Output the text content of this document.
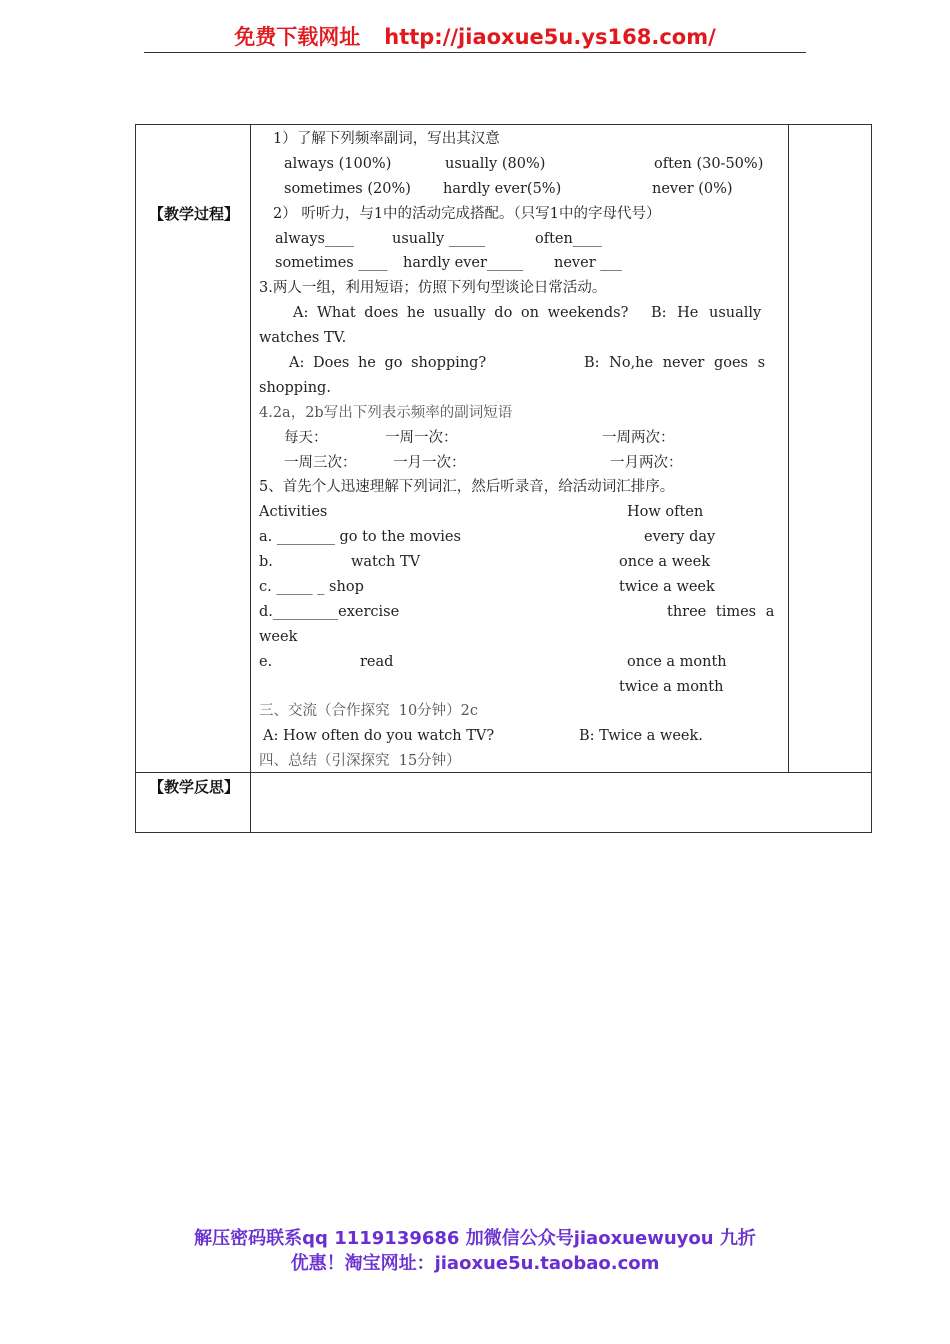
免费下载网址 http://jiaoxue5u.ys168.com/
【教学过程】
【教学反思】
1）了解下列频率副词，写出其汉意
always (100%)	usually (80%)	often (30-50%)
sometimes (20%) hardly ever(5%)	never (0%)
2） 听听力，与1中的活动完成搭配。（只写1中的字母代号）
always____	usually _____	often____
sometimes ____ hardly ever_____ never ___
3.两人一组，利用短语；仿照下列句型谈论日常活动。
A: What does he usually do on weekends? B: He usually
watches TV.
A: Does he go shopping?	B: No,he never goes s
shopping.
4.2a，2b写出下列表示频率的副词短语
每天：	一周一次：	一周两次：
一周三次：	一月一次：	一月两次：
5、首先个人迅速理解下列词汇，然后听录音，给活动词汇排序。
Activities	How often
a. ________ go to the movies	every day
b.	watch TV	once a week
c. _____ _ shop	twice a week
d._________exercise	three times a
week
e.	read	once a month
twice a month
三、交流（合作探究  10分钟）2c
A: How often do you watch TV?	B: Twice a week.
四、总结（引深探究  15分钟）
解压密码联系qq 1119139686 加微信公众号jiaoxuewuyou 九折
优惠！淘宝网址：jiaoxue5u.taobao.com
